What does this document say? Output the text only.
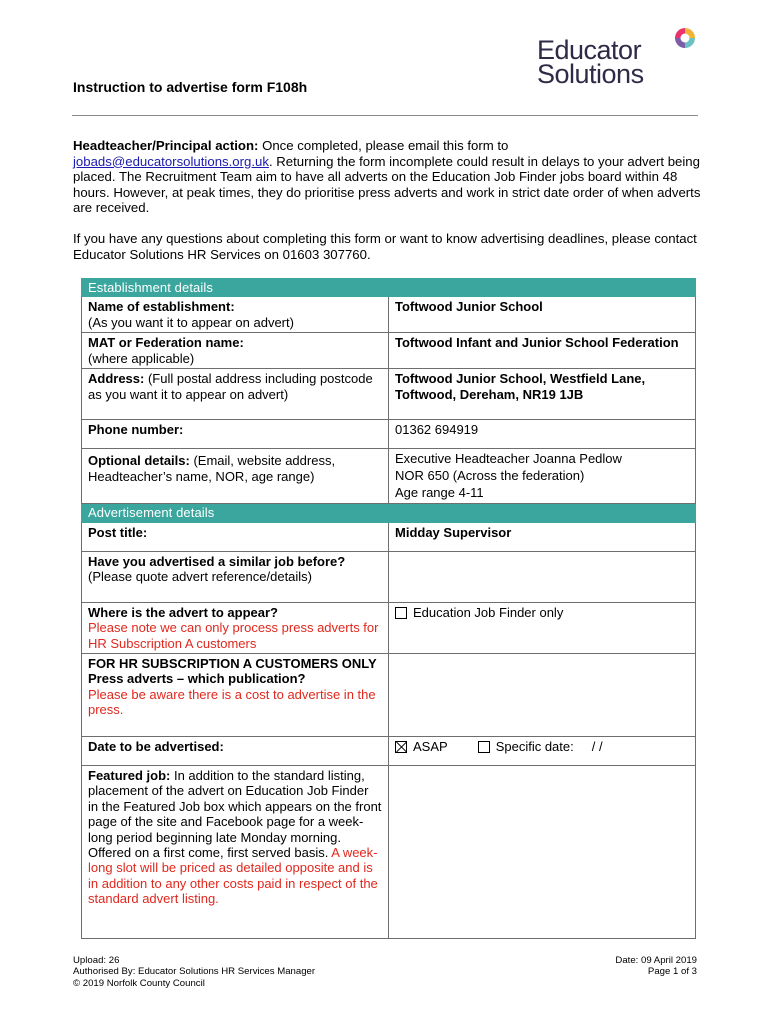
Educator
Solutions
Instruction to advertise form F108h

Headteacher/Principal action: Once completed, please email this form to jobads@educatorsolutions.org.uk. Returning the form incomplete could result in delays to your advert being placed. The Recruitment Team aim to have all adverts on the Education Job Finder jobs board within 48 hours. However, at peak times, they do prioritise press adverts and work in strict date order of when adverts are received.

If you have any questions about completing this form or want to know advertising deadlines, please contact Educator Solutions HR Services on 01603 307760.

Establishment details	
Name of establishment:
(As you want it to appear on advert)	Toftwood Junior School
MAT or Federation name:
(where applicable)	Toftwood Infant and Junior School Federation
Address: (Full postal address including postcode as you want it to appear on advert)	Toftwood Junior School, Westfield Lane,
Toftwood, Dereham, NR19 1JB
Phone number:	01362 694919
Optional details: (Email, website address, Headteacher’s name, NOR, age range)	Executive Headteacher Joanna Pedlow
NOR 650 (Across the federation)
Age range 4-11
Advertisement details	
Post title:	Midday Supervisor
Have you advertised a similar job before? (Please quote advert reference/details)	
Where is the advert to appear?
Please note we can only process press adverts for HR Subscription A customers	Education Job Finder only
FOR HR SUBSCRIPTION A CUSTOMERS ONLY
Press adverts – which publication?
Please be aware there is a cost to advertise in the press.	
Date to be advertised:	ASAP Specific date: / /
Featured job: In addition to the standard listing, placement of the advert on Education Job Finder in the Featured Job box which appears on the front page of the site and Facebook page for a week-long period beginning late Monday morning. Offered on a first come, first served basis. A week-long slot will be priced as detailed opposite and is in addition to any other costs paid in respect of the standard advert listing.	
Upload: 26
Authorised By: Educator Solutions HR Services Manager
© 2019 Norfolk County Council
Date: 09 April 2019
Page 1 of 3
